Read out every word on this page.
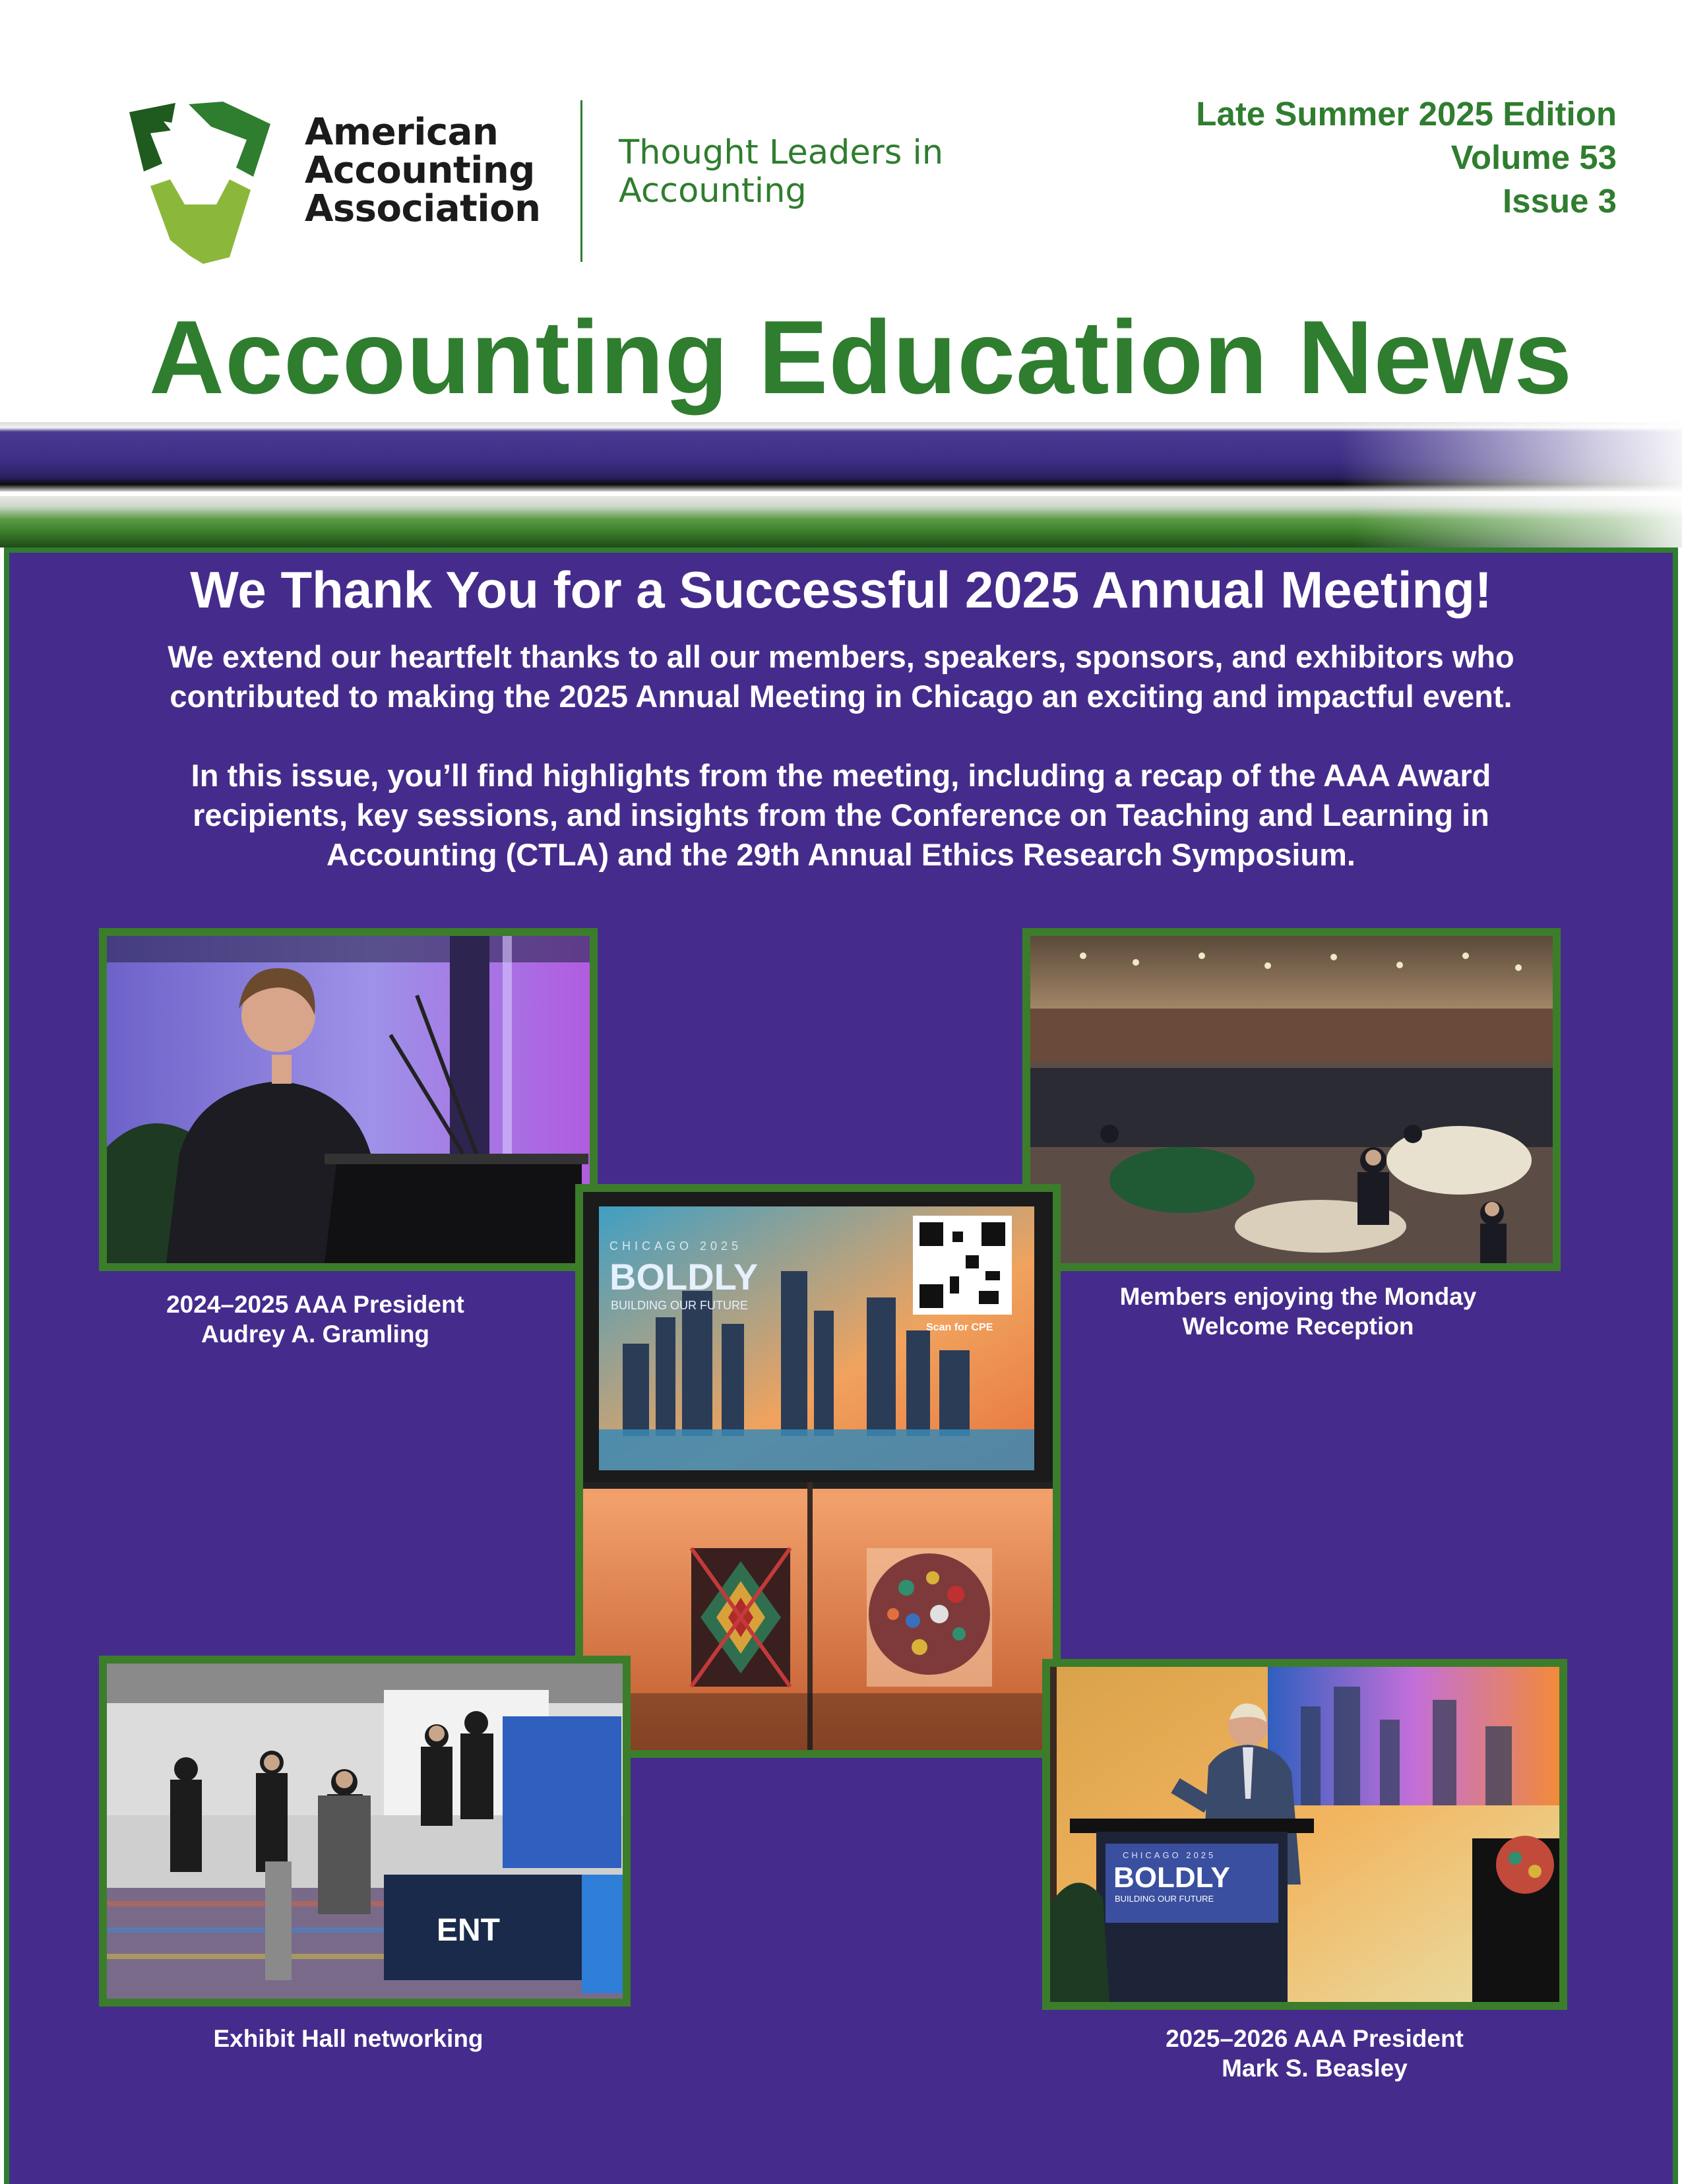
American
Accounting
Association
Thought Leaders in
Accounting
Late Summer 2025 Edition
Volume 53
Issue 3
Accounting Education News
We Thank You for a Successful 2025 Annual Meeting!
We extend our heartfelt thanks to all our members, speakers, sponsors, and exhibitors who
contributed to making the 2025 Annual Meeting in Chicago an exciting and impactful event.
In this issue, you’ll find highlights from the meeting, including a recap of the AAA Award
recipients, key sessions, and insights from the Conference on Teaching and Learning in
Accounting (CTLA) and the 29th Annual Ethics Research Symposium.
2024–2025 AAA President
Audrey A. Gramling
Members enjoying the Monday
Welcome Reception
CHICAGO 2025
BOLDLY
BUILDING OUR FUTURE
Scan for CPE
ENT
Exhibit Hall networking
CHICAGO 2025
BOLDLY
BUILDING OUR FUTURE
2025–2026 AAA President
Mark S. Beasley
